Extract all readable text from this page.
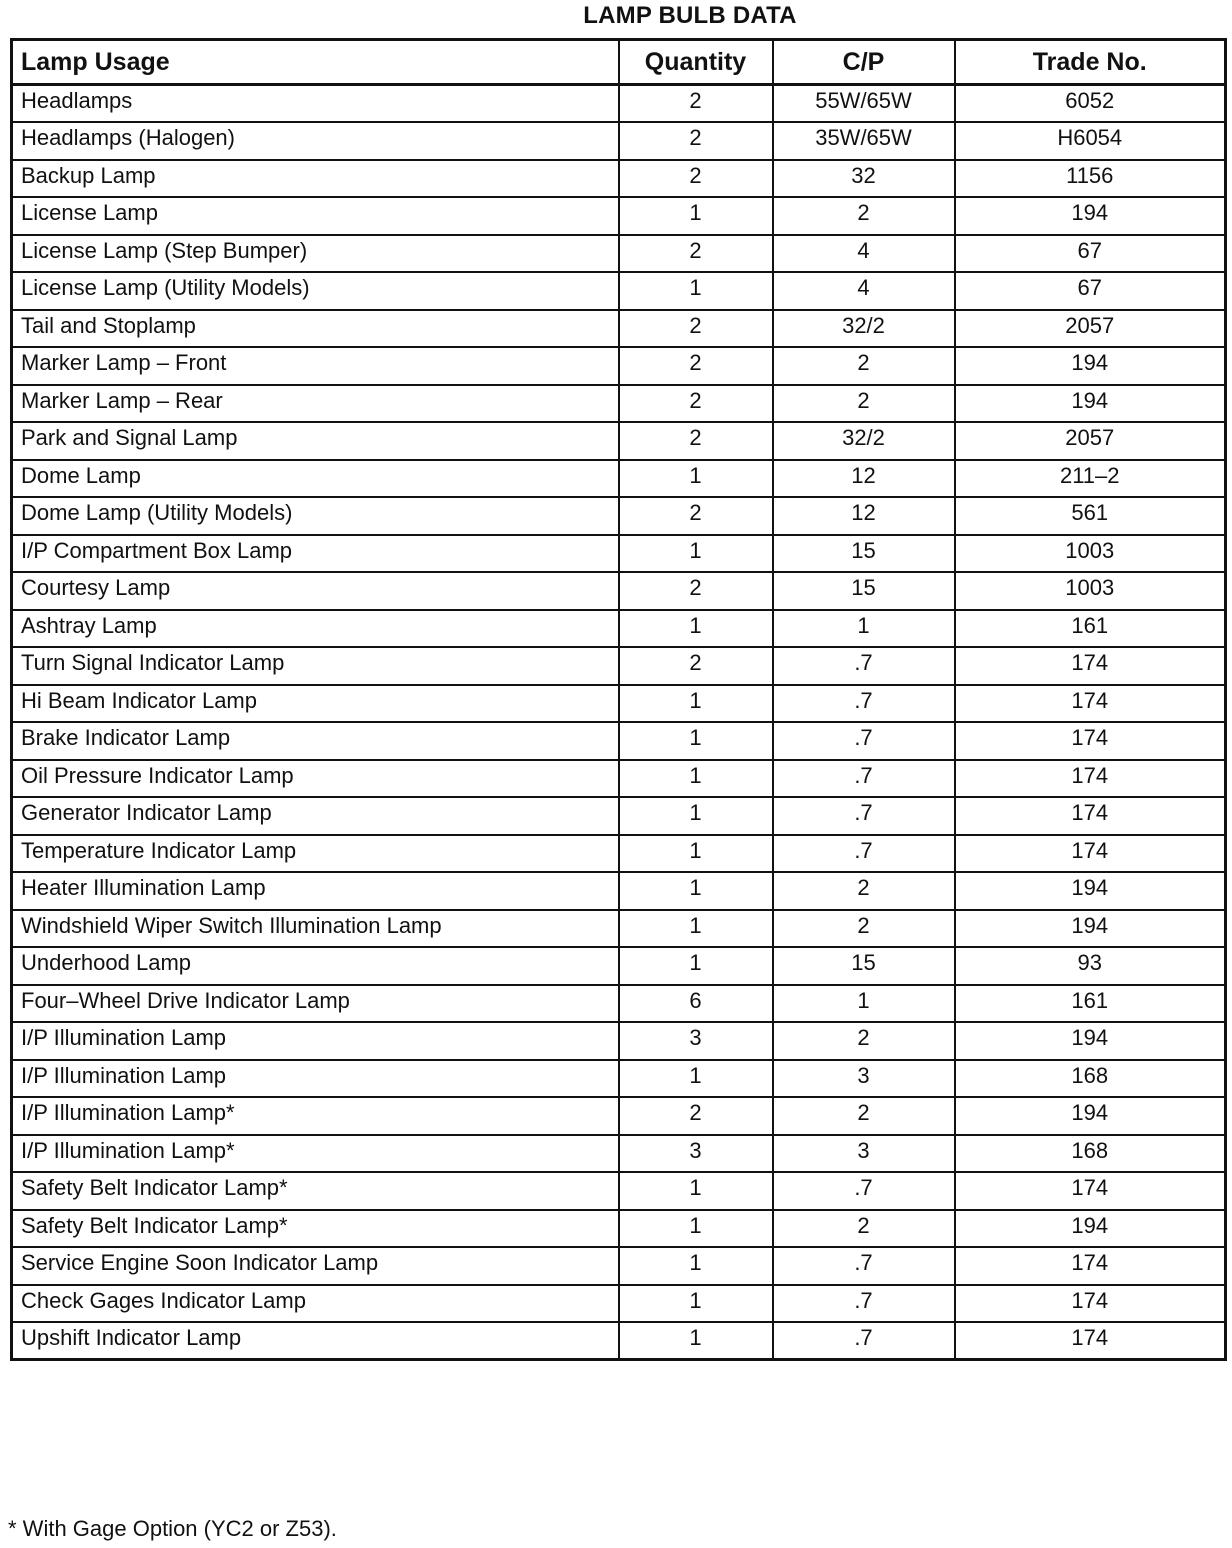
LAMP BULB DATA
Lamp Usage	Quantity	C/P	Trade No.
Headlamps	2	55W/65W	6052
Headlamps (Halogen)	2	35W/65W	H6054
Backup Lamp	2	32	1156
License Lamp	1	2	194
License Lamp (Step Bumper)	2	4	67
License Lamp (Utility Models)	1	4	67
Tail and Stoplamp	2	32/2	2057
Marker Lamp – Front	2	2	194
Marker Lamp – Rear	2	2	194
Park and Signal Lamp	2	32/2	2057
Dome Lamp	1	12	211–2
Dome Lamp (Utility Models)	2	12	561
I/P Compartment Box Lamp	1	15	1003
Courtesy Lamp	2	15	1003
Ashtray Lamp	1	1	161
Turn Signal Indicator Lamp	2	.7	174
Hi Beam Indicator Lamp	1	.7	174
Brake Indicator Lamp	1	.7	174
Oil Pressure Indicator Lamp	1	.7	174
Generator Indicator Lamp	1	.7	174
Temperature Indicator Lamp	1	.7	174
Heater Illumination Lamp	1	2	194
Windshield Wiper Switch Illumination Lamp	1	2	194
Underhood Lamp	1	15	93
Four–Wheel Drive Indicator Lamp	6	1	161
I/P Illumination Lamp	3	2	194
I/P Illumination Lamp	1	3	168
I/P Illumination Lamp*	2	2	194
I/P Illumination Lamp*	3	3	168
Safety Belt Indicator Lamp*	1	.7	174
Safety Belt Indicator Lamp*	1	2	194
Service Engine Soon Indicator Lamp	1	.7	174
Check Gages Indicator Lamp	1	.7	174
Upshift Indicator Lamp	1	.7	174
* With Gage Option (YC2 or Z53).
